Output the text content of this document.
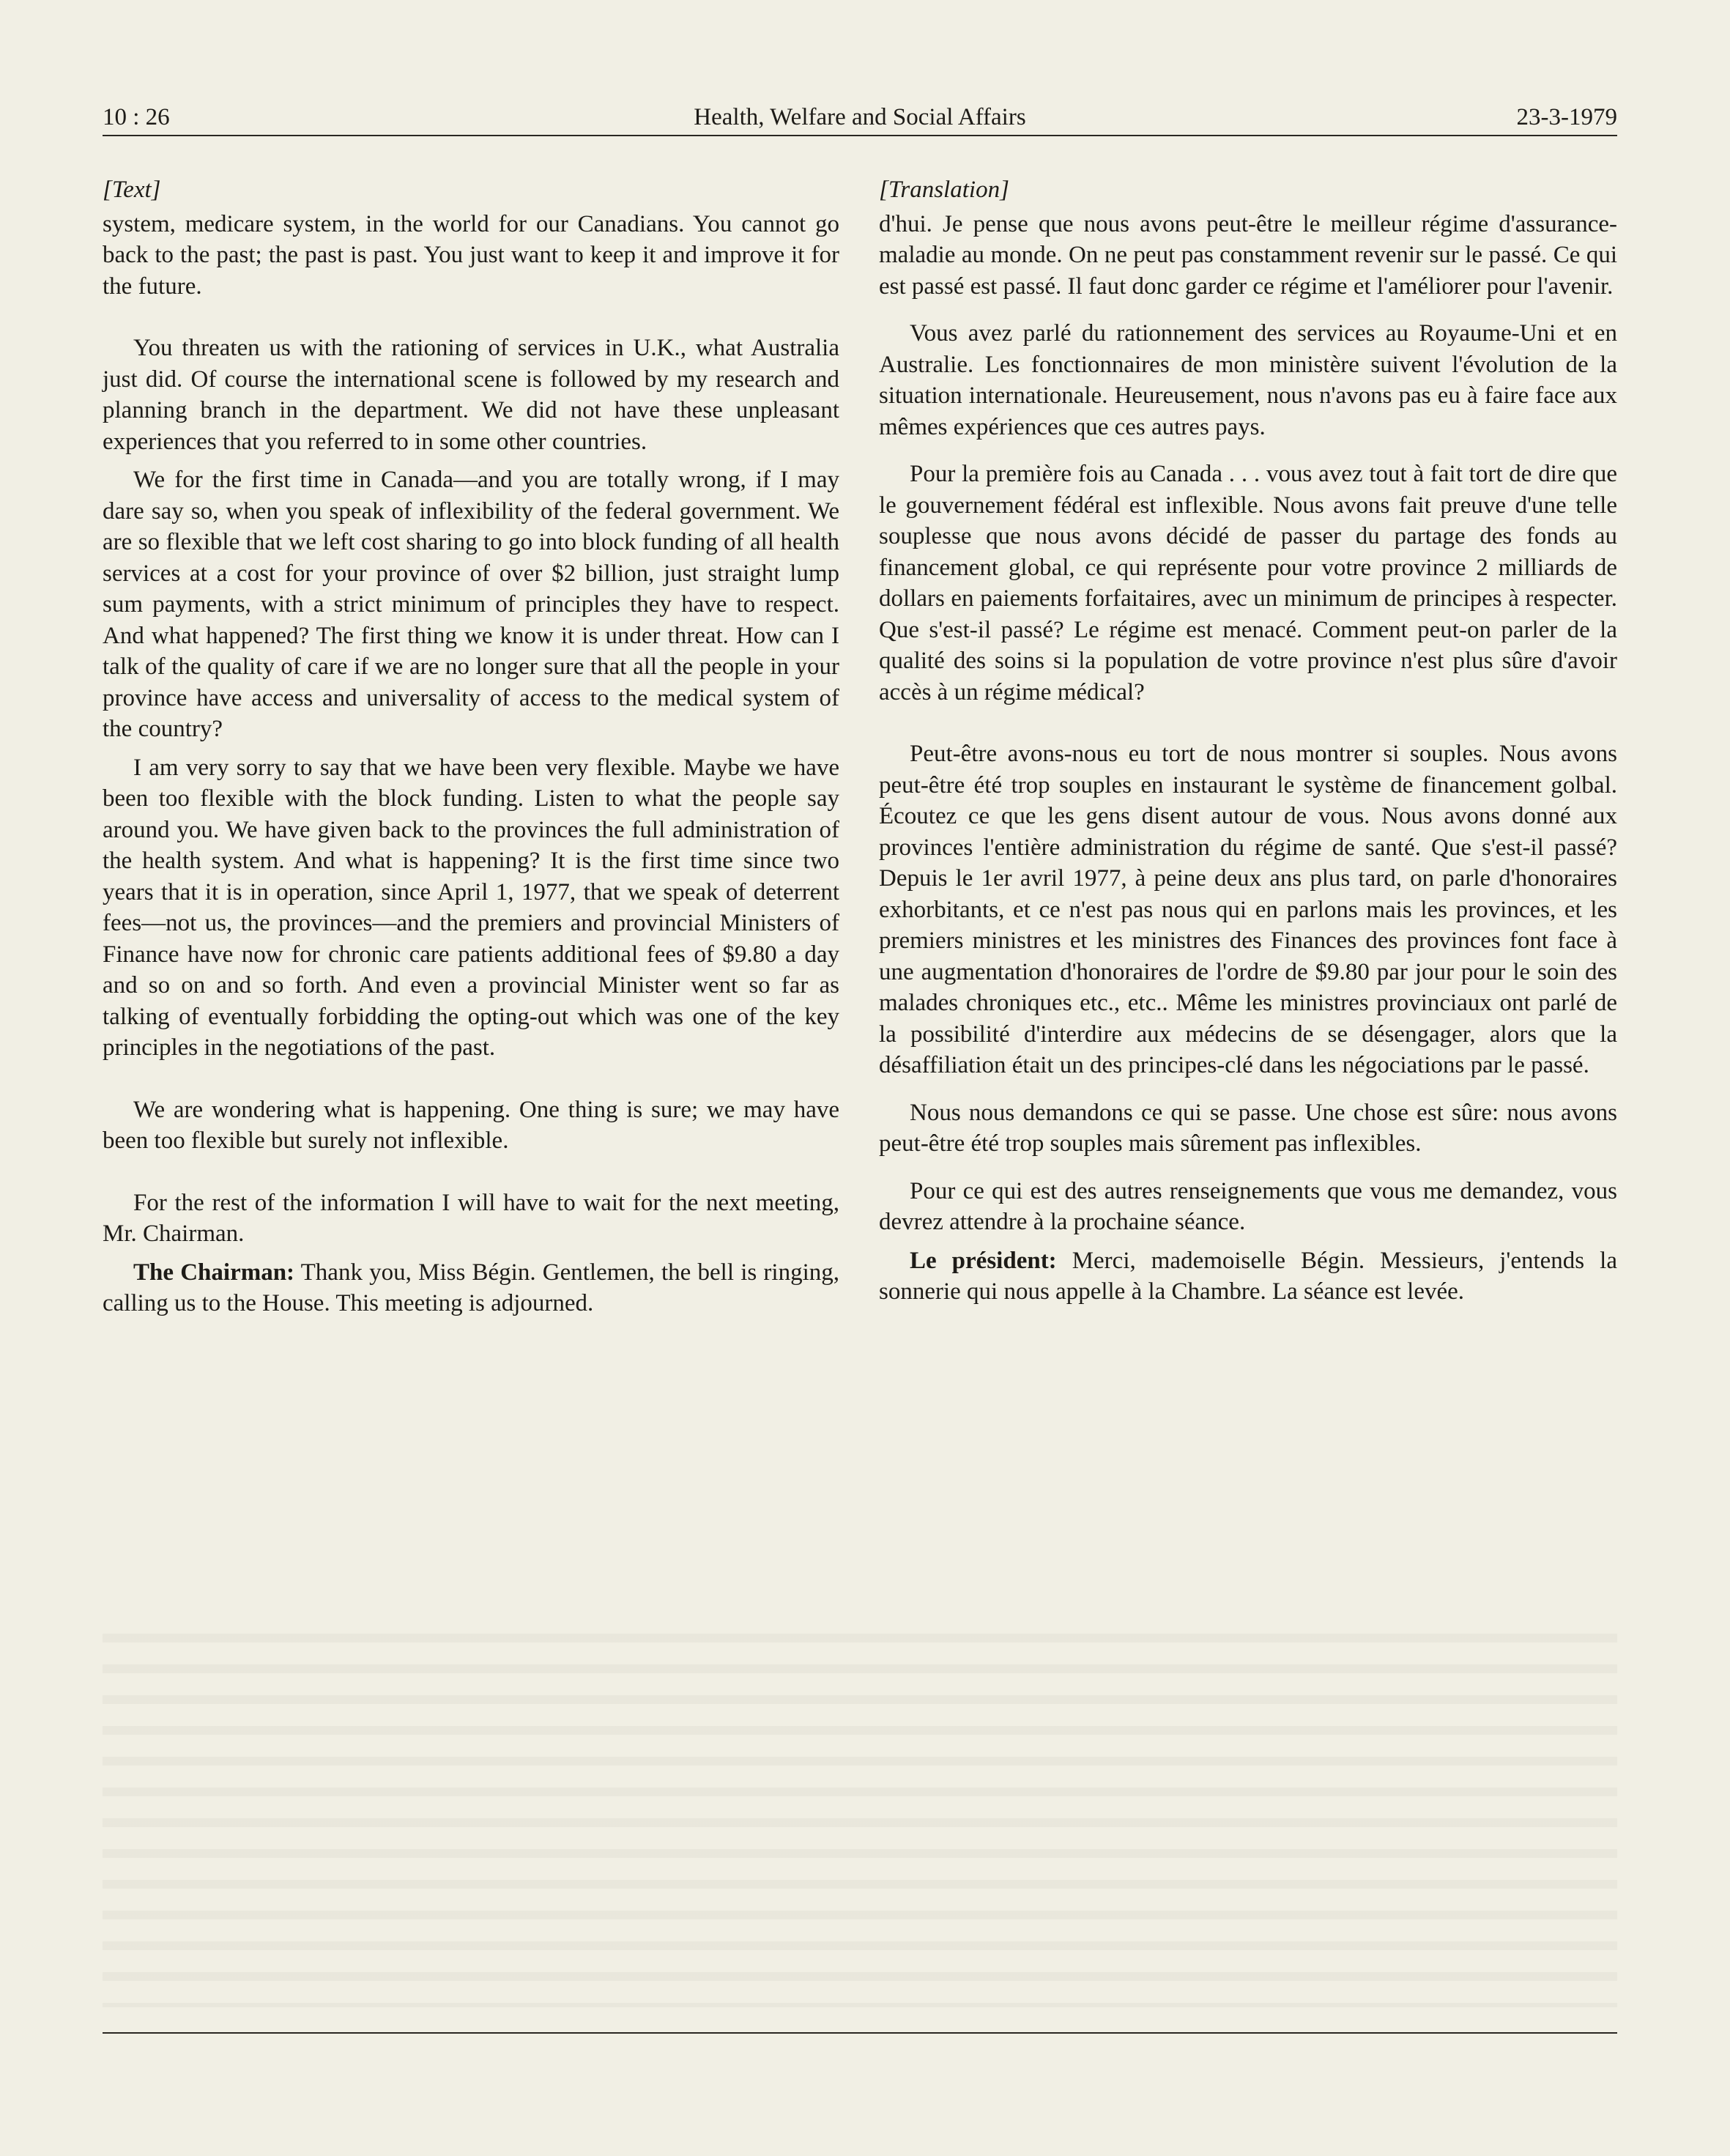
10 : 26	Health, Welfare and Social Affairs	23-3-1979

[Text]

system, medicare system, in the world for our Canadians. You cannot go back to the past; the past is past. You just want to keep it and improve it for the future.

You threaten us with the rationing of services in U.K., what Australia just did. Of course the international scene is followed by my research and planning branch in the department. We did not have these unpleasant experiences that you referred to in some other countries.

We for the first time in Canada—and you are totally wrong, if I may dare say so, when you speak of inflexibility of the federal government. We are so flexible that we left cost sharing to go into block funding of all health services at a cost for your province of over $2 billion, just straight lump sum payments, with a strict minimum of principles they have to respect. And what happened? The first thing we know it is under threat. How can I talk of the quality of care if we are no longer sure that all the people in your province have access and universality of access to the medical system of the country?

I am very sorry to say that we have been very flexible. Maybe we have been too flexible with the block funding. Listen to what the people say around you. We have given back to the provinces the full administration of the health system. And what is happening? It is the first time since two years that it is in operation, since April 1, 1977, that we speak of deterrent fees—not us, the provinces—and the premiers and provincial Ministers of Finance have now for chronic care patients additional fees of $9.80 a day and so on and so forth. And even a provincial Minister went so far as talking of eventually forbidding the opting-out which was one of the key principles in the negotiations of the past.

We are wondering what is happening. One thing is sure; we may have been too flexible but surely not inflexible.

For the rest of the information I will have to wait for the next meeting, Mr. Chairman.

The Chairman: Thank you, Miss Bégin. Gentlemen, the bell is ringing, calling us to the House. This meeting is adjourned.

[Translation]

d'hui. Je pense que nous avons peut-être le meilleur régime d'assurance-maladie au monde. On ne peut pas constamment revenir sur le passé. Ce qui est passé est passé. Il faut donc garder ce régime et l'améliorer pour l'avenir.

Vous avez parlé du rationnement des services au Royaume-Uni et en Australie. Les fonctionnaires de mon ministère suivent l'évolution de la situation internationale. Heureusement, nous n'avons pas eu à faire face aux mêmes expériences que ces autres pays.

Pour la première fois au Canada . . . vous avez tout à fait tort de dire que le gouvernement fédéral est inflexible. Nous avons fait preuve d'une telle souplesse que nous avons décidé de passer du partage des fonds au financement global, ce qui représente pour votre province 2 milliards de dollars en paiements forfaitaires, avec un minimum de principes à respecter. Que s'est-il passé? Le régime est menacé. Comment peut-on parler de la qualité des soins si la population de votre province n'est plus sûre d'avoir accès à un régime médical?

Peut-être avons-nous eu tort de nous montrer si souples. Nous avons peut-être été trop souples en instaurant le système de financement golbal. Écoutez ce que les gens disent autour de vous. Nous avons donné aux provinces l'entière administration du régime de santé. Que s'est-il passé? Depuis le 1er avril 1977, à peine deux ans plus tard, on parle d'honoraires exhorbitants, et ce n'est pas nous qui en parlons mais les provinces, et les premiers ministres et les ministres des Finances des provinces font face à une augmentation d'honoraires de l'ordre de $9.80 par jour pour le soin des malades chroniques etc., etc.. Même les ministres provinciaux ont parlé de la possibilité d'interdire aux médecins de se désengager, alors que la désaffiliation était un des principes-clé dans les négociations par le passé.

Nous nous demandons ce qui se passe. Une chose est sûre: nous avons peut-être été trop souples mais sûrement pas inflexibles.

Pour ce qui est des autres renseignements que vous me demandez, vous devrez attendre à la prochaine séance.

Le président: Merci, mademoiselle Bégin. Messieurs, j'entends la sonnerie qui nous appelle à la Chambre. La séance est levée.
